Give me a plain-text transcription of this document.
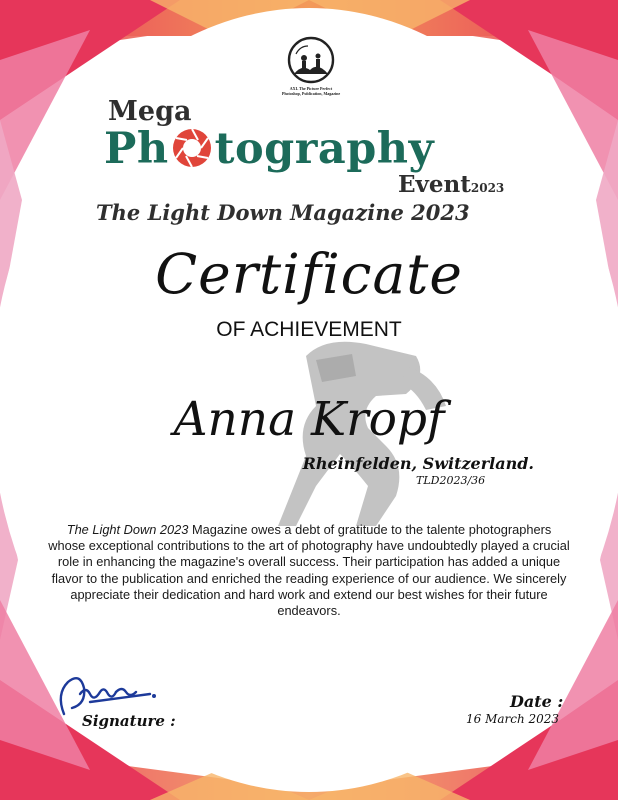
AXL The Picture Perfect
Photoshop, Publication, Magazine
Mega
Ph tography
Event2023
The Light Down Magazine 2023
Certificate
OF ACHIEVEMENT
Anna Kropf
Rheinfelden, Switzerland.
TLD2023/36
The Light Down 2023 Magazine owes a debt of gratitude to the talente photographers whose exceptional contributions to the art of photography have undoubtedly played a crucial role in enhancing the magazine's overall success. Their participation has added a unique flavor to the publication and enriched the reading experience of our audience. We sincerely appreciate their dedication and hard work and extend our best wishes for their future endeavors.
Signature :
Date :
16 March 2023
